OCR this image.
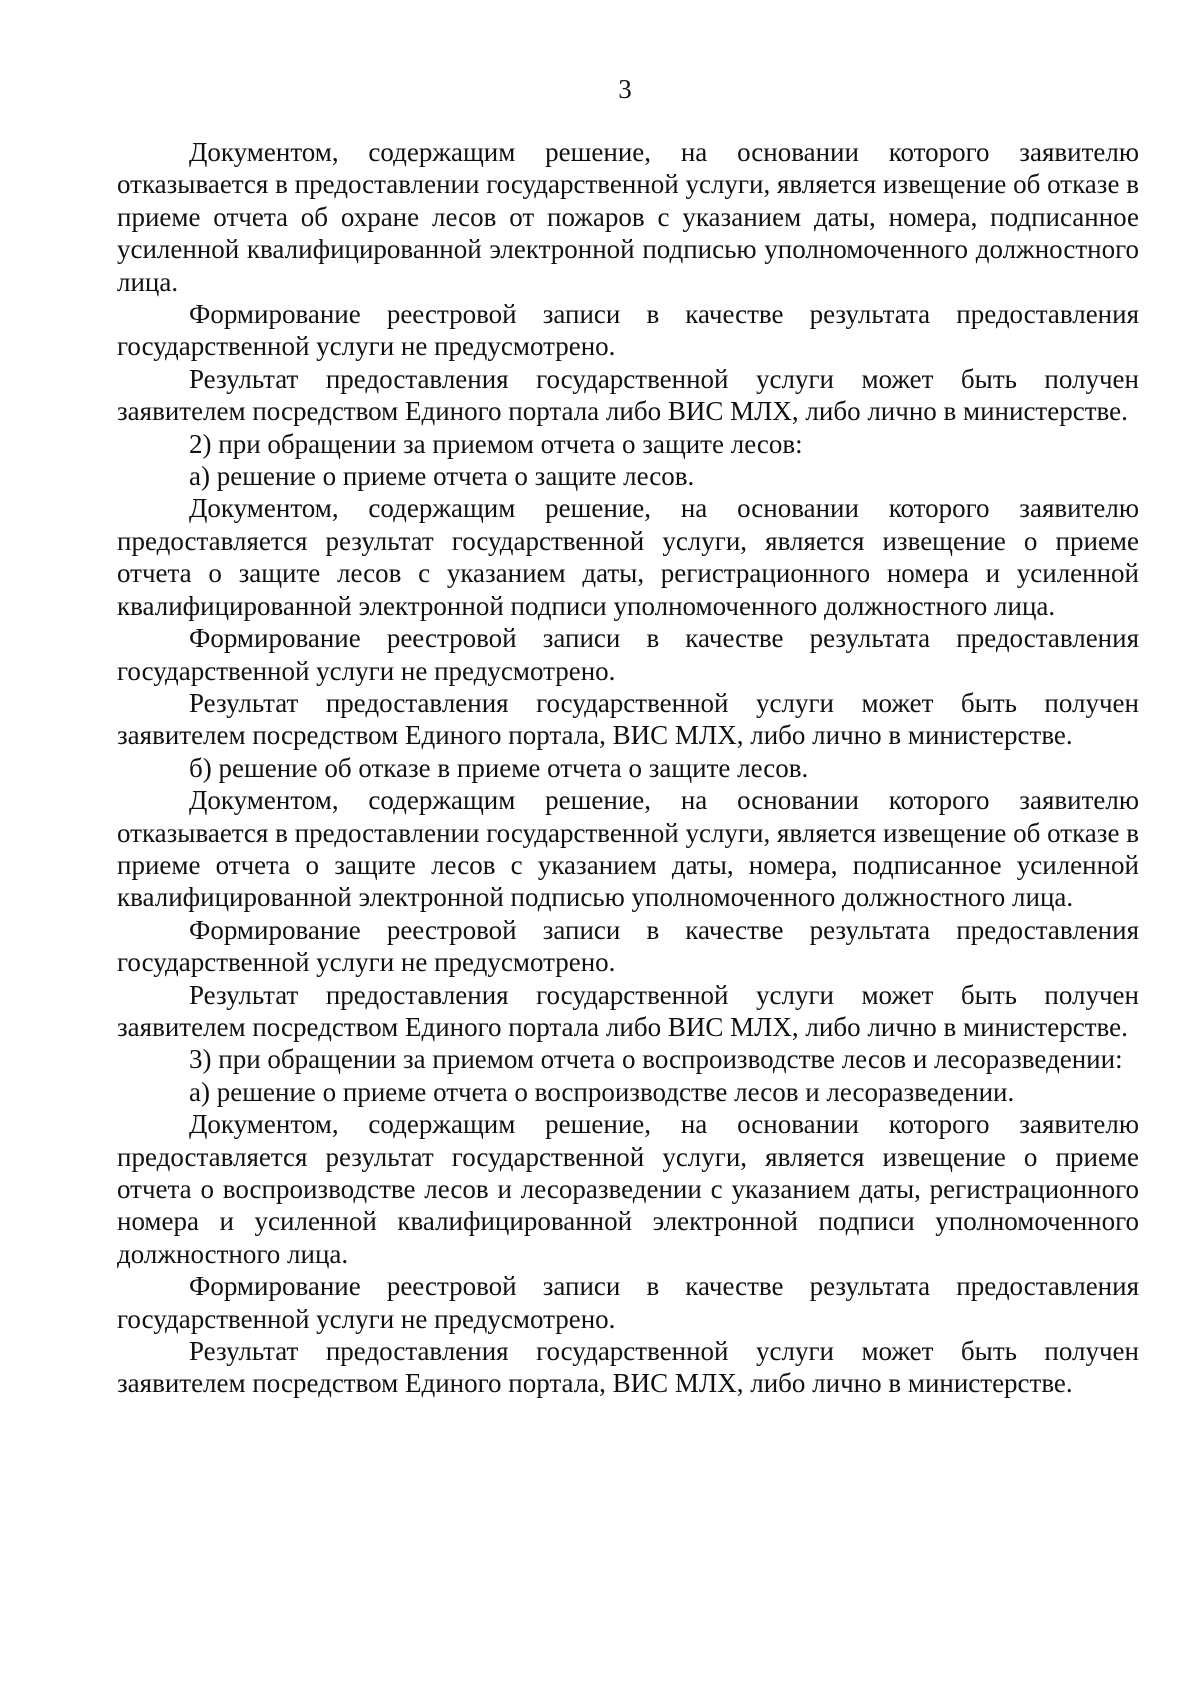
3

Документом, содержащим решение, на основании которого заявителю отказывается в предоставлении государственной услуги, является извещение об отказе в приеме отчета об охране лесов от пожаров с указанием даты, номера, подписанное усиленной квалифицированной электронной подписью уполномоченного должностного лица.

Формирование реестровой записи в качестве результата предоставления государственной услуги не предусмотрено.

Результат предоставления государственной услуги может быть получен заявителем посредством Единого портала либо ВИС МЛХ, либо лично в министерстве.

2) при обращении за приемом отчета о защите лесов:

а) решение о приеме отчета о защите лесов.

Документом, содержащим решение, на основании которого заявителю предоставляется результат государственной услуги, является извещение о приеме отчета о защите лесов с указанием даты, регистрационного номера и усиленной квалифицированной электронной подписи уполномоченного должностного лица.

Формирование реестровой записи в качестве результата предоставления государственной услуги не предусмотрено.

Результат предоставления государственной услуги может быть получен заявителем посредством Единого портала, ВИС МЛХ, либо лично в министерстве.

б) решение об отказе в приеме отчета о защите лесов.

Документом, содержащим решение, на основании которого заявителю отказывается в предоставлении государственной услуги, является извещение об отказе в приеме отчета о защите лесов с указанием даты, номера, подписанное усиленной квалифицированной электронной подписью уполномоченного должностного лица.

Формирование реестровой записи в качестве результата предоставления государственной услуги не предусмотрено.

Результат предоставления государственной услуги может быть получен заявителем посредством Единого портала либо ВИС МЛХ, либо лично в министерстве.

3) при обращении за приемом отчета о воспроизводстве лесов и лесоразведении:

а) решение о приеме отчета о воспроизводстве лесов и лесоразведении.

Документом, содержащим решение, на основании которого заявителю предоставляется результат государственной услуги, является извещение о приеме отчета о воспроизводстве лесов и лесоразведении с указанием даты, регистрационного номера и усиленной квалифицированной электронной подписи уполномоченного должностного лица.

Формирование реестровой записи в качестве результата предоставления государственной услуги не предусмотрено.

Результат предоставления государственной услуги может быть получен заявителем посредством Единого портала, ВИС МЛХ, либо лично в министерстве.
